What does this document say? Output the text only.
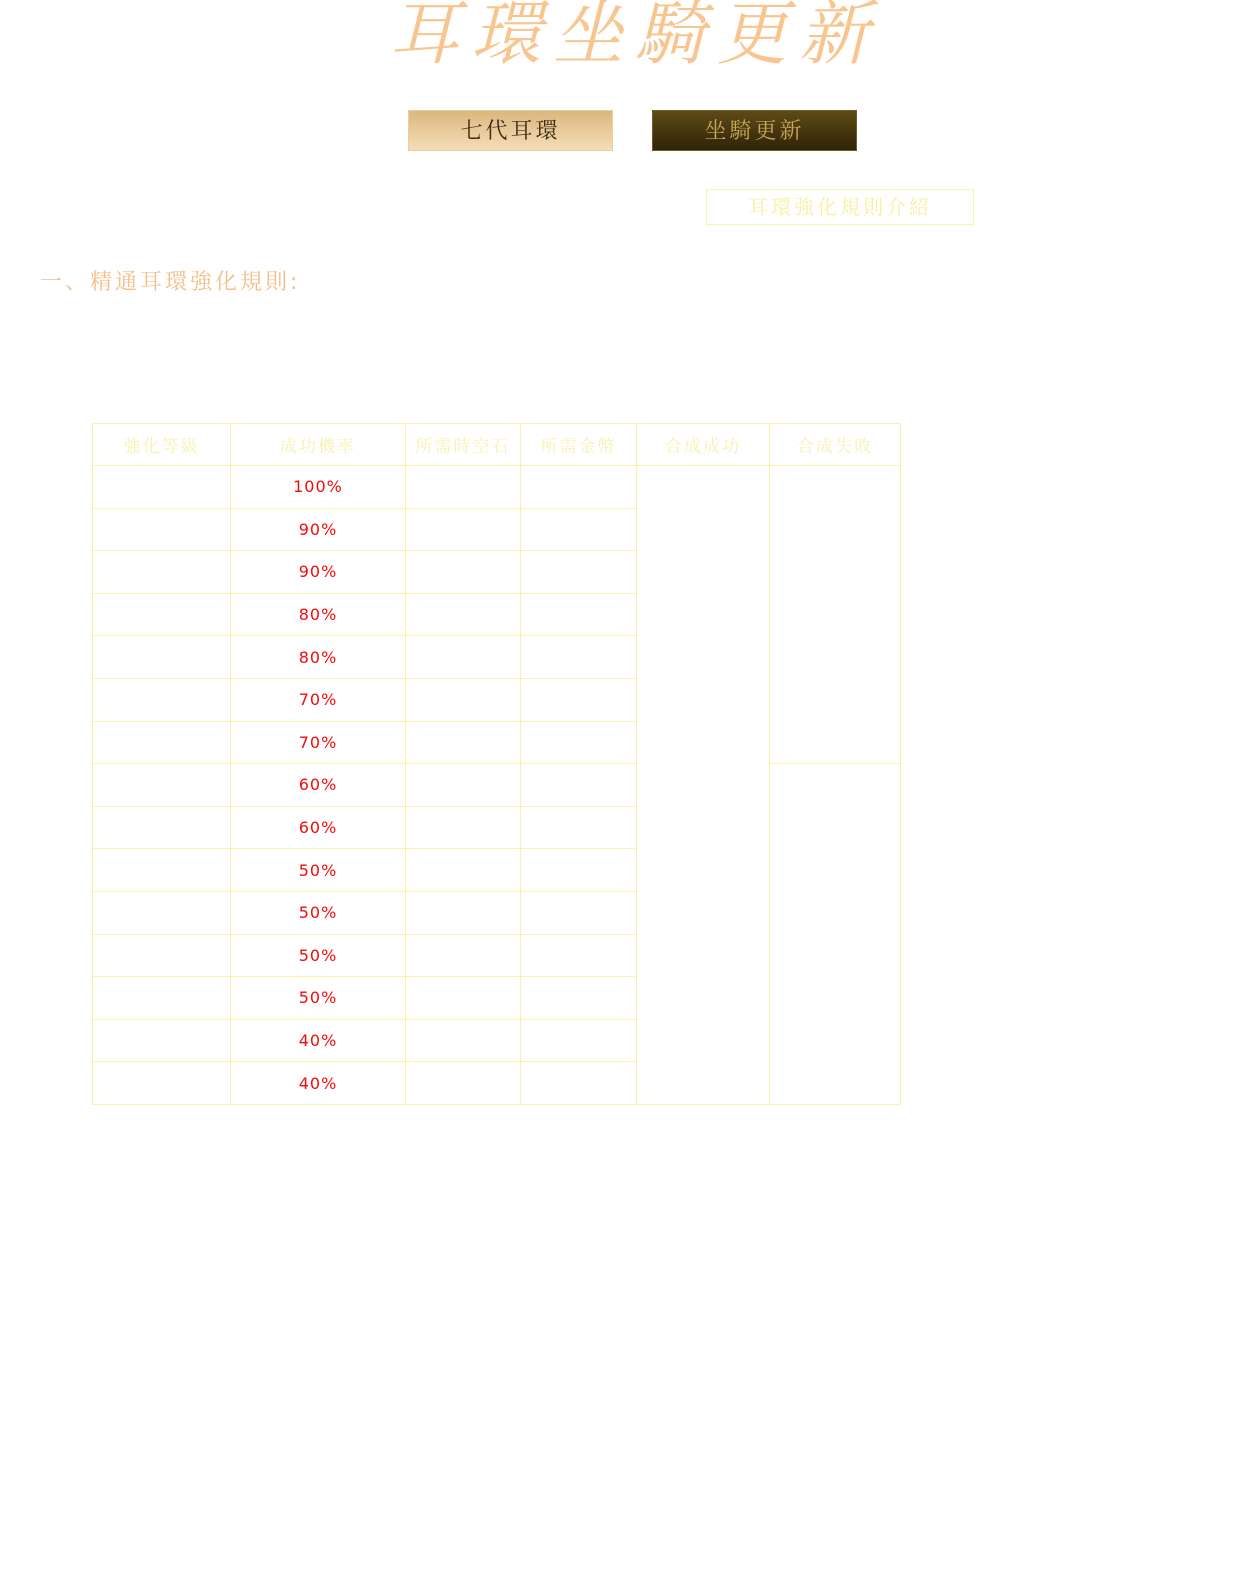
耳環坐騎更新
七代耳環	坐騎更新
耳環強化規則介紹
一、精通耳環強化規則:
強化等級	成功機率	所需時空石	所需金幣	合成成功	合成失敗
	100%				
	90%				
	90%				
	80%				
	80%				
	70%				
	70%				
	60%				
	60%				
	50%				
	50%				
	50%				
	50%				
	40%				
	40%				
